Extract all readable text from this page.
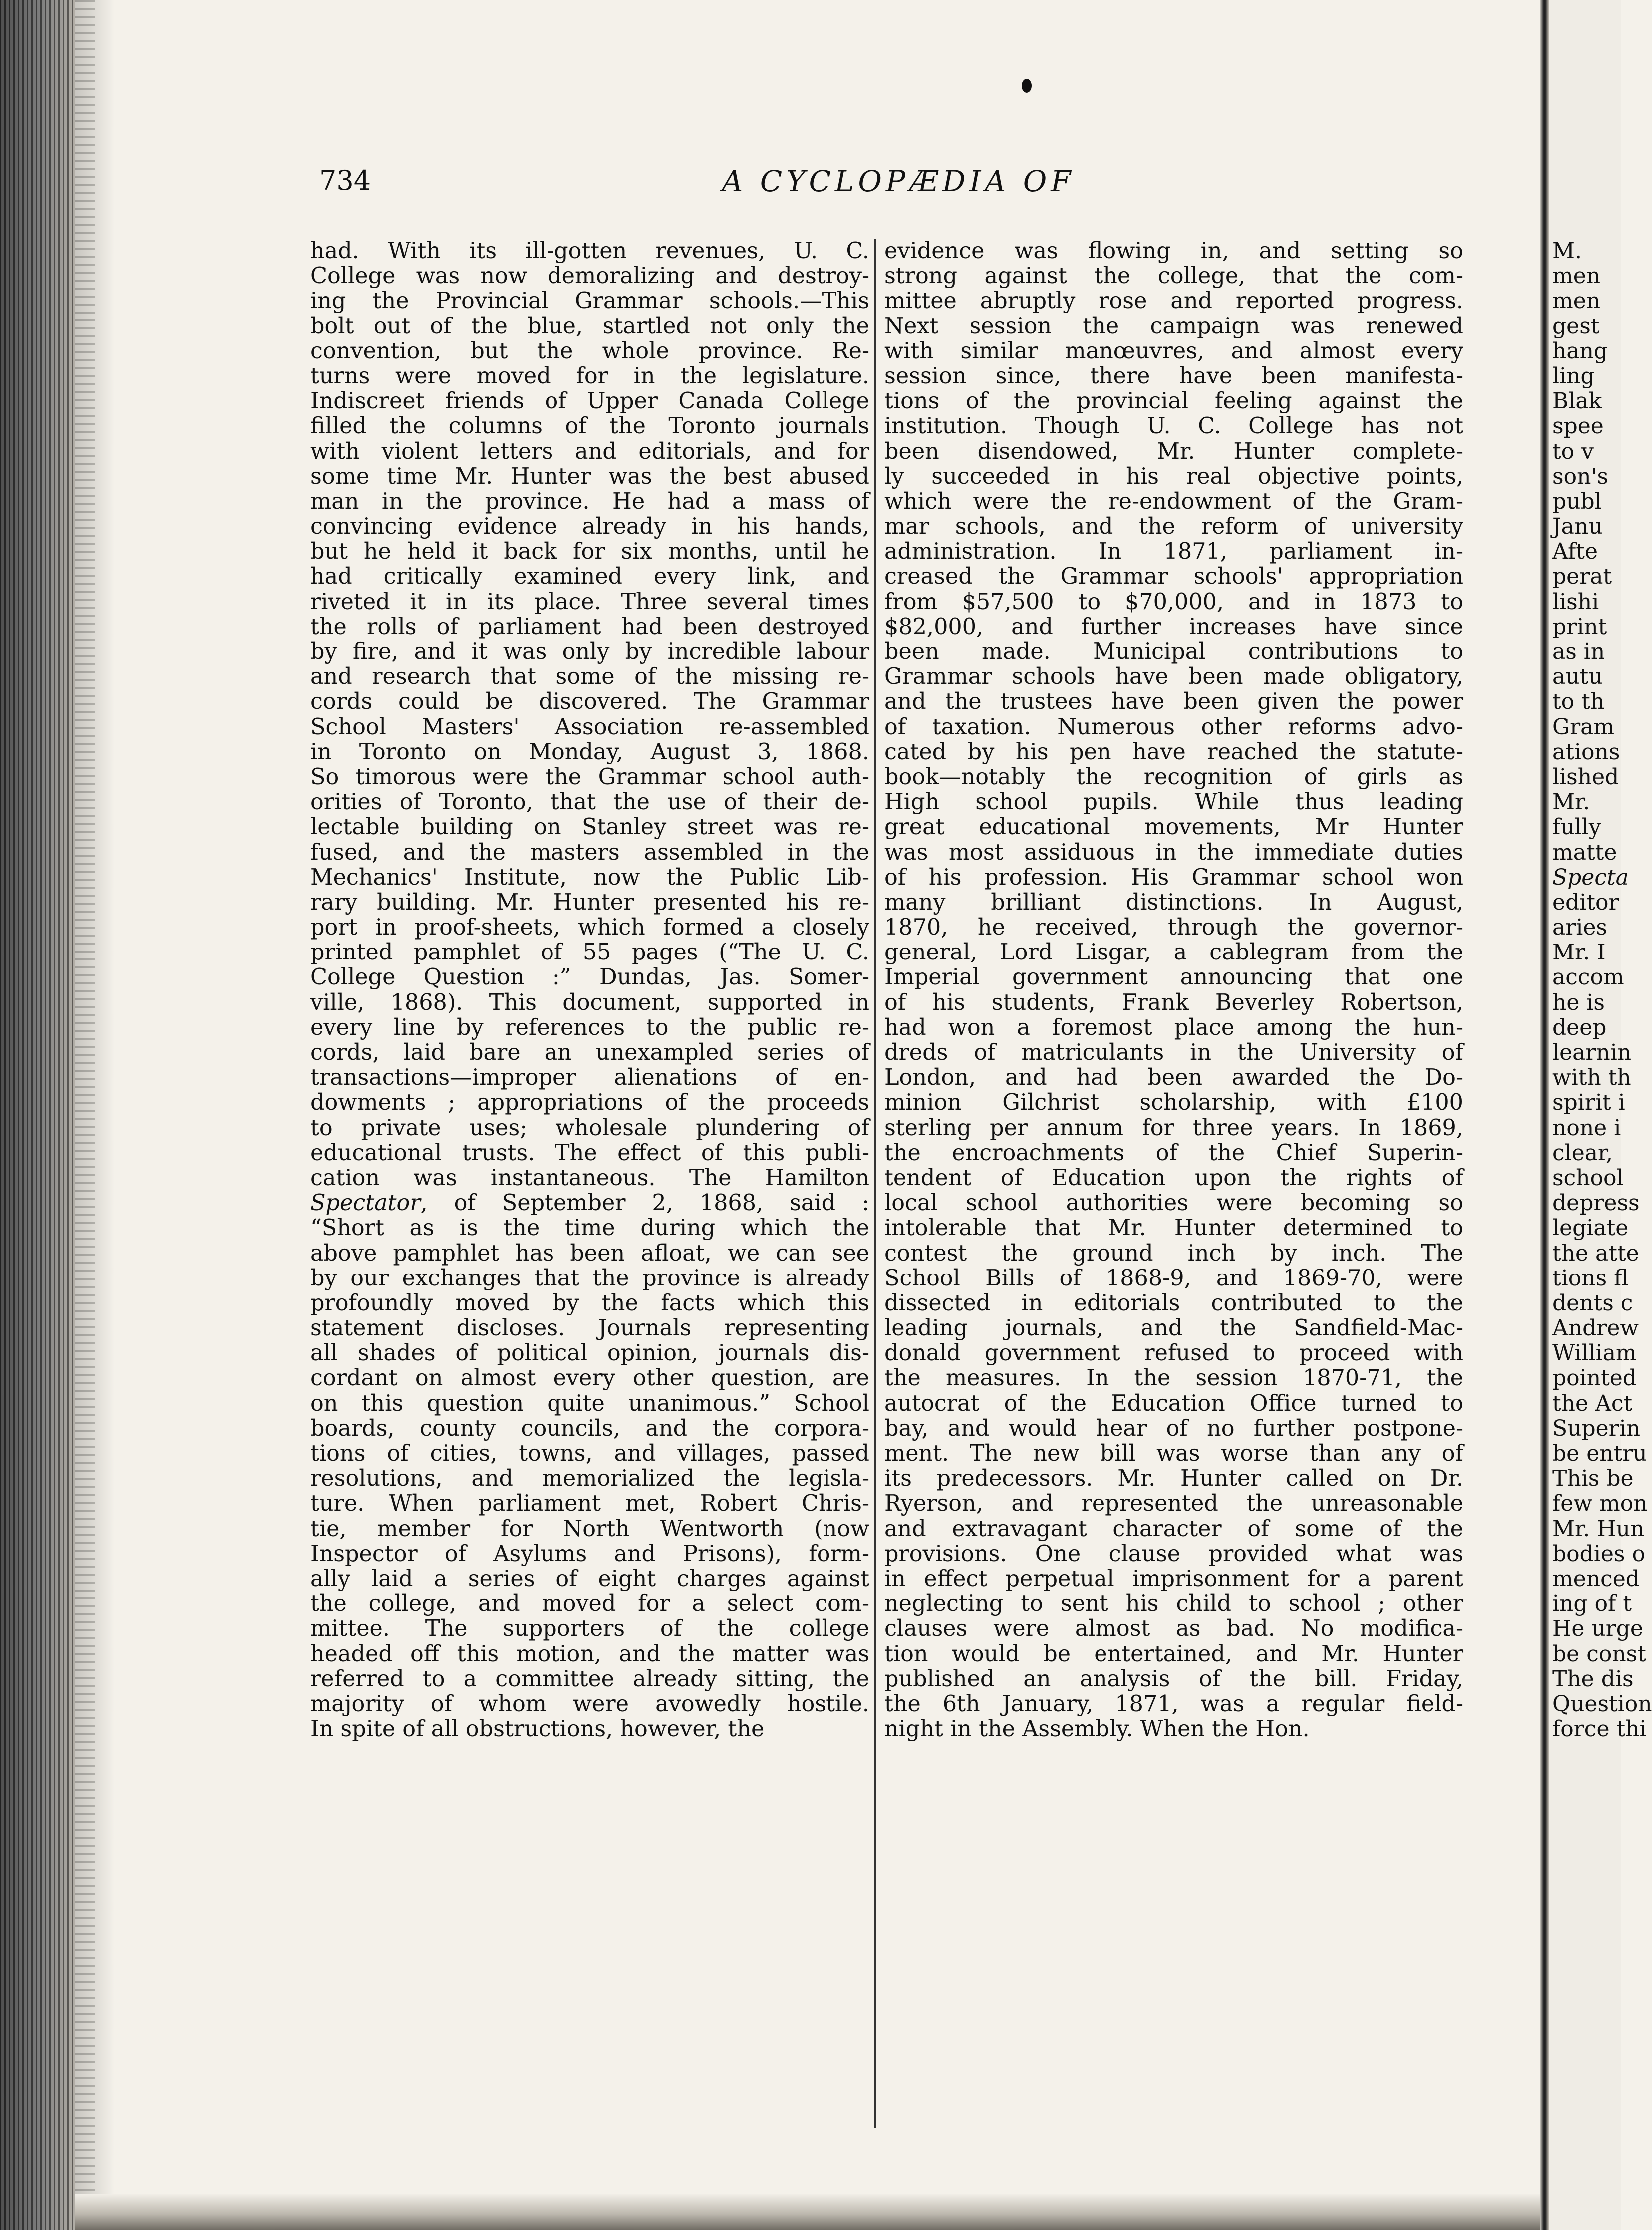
734	A CYCLOPÆDIA OF
had. With its ill-gotten revenues, U. C.
College was now demoralizing and destroy-
ing the Provincial Grammar schools.—This
bolt out of the blue, startled not only the
convention, but the whole province. Re-
turns were moved for in the legislature.
Indiscreet friends of Upper Canada College
filled the columns of the Toronto journals
with violent letters and editorials, and for
some time Mr. Hunter was the best abused
man in the province. He had a mass of
convincing evidence already in his hands,
but he held it back for six months, until he
had critically examined every link, and
riveted it in its place. Three several times
the rolls of parliament had been destroyed
by fire, and it was only by incredible labour
and research that some of the missing re-
cords could be discovered. The Grammar
School Masters' Association re-assembled
in Toronto on Monday, August 3, 1868.
So timorous were the Grammar school auth-
orities of Toronto, that the use of their de-
lectable building on Stanley street was re-
fused, and the masters assembled in the
Mechanics' Institute, now the Public Lib-
rary building. Mr. Hunter presented his re-
port in proof-sheets, which formed a closely
printed pamphlet of 55 pages (“The U. C.
College Question :” Dundas, Jas. Somer-
ville, 1868). This document, supported in
every line by references to the public re-
cords, laid bare an unexampled series of
transactions—improper alienations of en-
dowments ; appropriations of the proceeds
to private uses; wholesale plundering of
educational trusts. The effect of this publi-
cation was instantaneous. The Hamilton
Spectator, of September 2, 1868, said :
“Short as is the time during which the
above pamphlet has been afloat, we can see
by our exchanges that the province is already
profoundly moved by the facts which this
statement discloses. Journals representing
all shades of political opinion, journals dis-
cordant on almost every other question, are
on this question quite unanimous.” School
boards, county councils, and the corpora-
tions of cities, towns, and villages, passed
resolutions, and memorialized the legisla-
ture. When parliament met, Robert Chris-
tie, member for North Wentworth (now
Inspector of Asylums and Prisons), form-
ally laid a series of eight charges against
the college, and moved for a select com-
mittee. The supporters of the college
headed off this motion, and the matter was
referred to a committee already sitting, the
majority of whom were avowedly hostile.
In spite of all obstructions, however, the
evidence was flowing in, and setting so
strong against the college, that the com-
mittee abruptly rose and reported progress.
Next session the campaign was renewed
with similar manœuvres, and almost every
session since, there have been manifesta-
tions of the provincial feeling against the
institution. Though U. C. College has not
been disendowed, Mr. Hunter complete-
ly succeeded in his real objective points,
which were the re-endowment of the Gram-
mar schools, and the reform of university
administration. In 1871, parliament in-
creased the Grammar schools' appropriation
from $57,500 to $70,000, and in 1873 to
$82,000, and further increases have since
been made. Municipal contributions to
Grammar schools have been made obligatory,
and the trustees have been given the power
of taxation. Numerous other reforms advo-
cated by his pen have reached the statute-
book—notably the recognition of girls as
High school pupils. While thus leading
great educational movements, Mr Hunter
was most assiduous in the immediate duties
of his profession. His Grammar school won
many brilliant distinctions. In August,
1870, he received, through the governor-
general, Lord Lisgar, a cablegram from the
Imperial government announcing that one
of his students, Frank Beverley Robertson,
had won a foremost place among the hun-
dreds of matriculants in the University of
London, and had been awarded the Do-
minion Gilchrist scholarship, with £100
sterling per annum for three years. In 1869,
the encroachments of the Chief Superin-
tendent of Education upon the rights of
local school authorities were becoming so
intolerable that Mr. Hunter determined to
contest the ground inch by inch. The
School Bills of 1868-9, and 1869-70, were
dissected in editorials contributed to the
leading journals, and the Sandfield-Mac-
donald government refused to proceed with
the measures. In the session 1870-71, the
autocrat of the Education Office turned to
bay, and would hear of no further postpone-
ment. The new bill was worse than any of
its predecessors. Mr. Hunter called on Dr.
Ryerson, and represented the unreasonable
and extravagant character of some of the
provisions. One clause provided what was
in effect perpetual imprisonment for a parent
neglecting to sent his child to school ; other
clauses were almost as bad. No modifica-
tion would be entertained, and Mr. Hunter
published an analysis of the bill. Friday,
the 6th January, 1871, was a regular field-
night in the Assembly. When the Hon.
M.
men
men
gest
hang
ling
Blak
spee
to v
son's
publ
Janu
Afte
perat
lishi
print
as in
autu
to th
Gram
ations
lished
Mr.
fully
matte
Specta
editor
aries
Mr. I
accom
he is
deep
learnin
with th
spirit i
none i
clear,
school
depress
legiate
the atte
tions fl
dents c
Andrew
William
pointed
the Act
Superin
be entru
This be
few mon
Mr. Hun
bodies o
menced
ing of t
He urge
be const
The dis
Question
force thi
